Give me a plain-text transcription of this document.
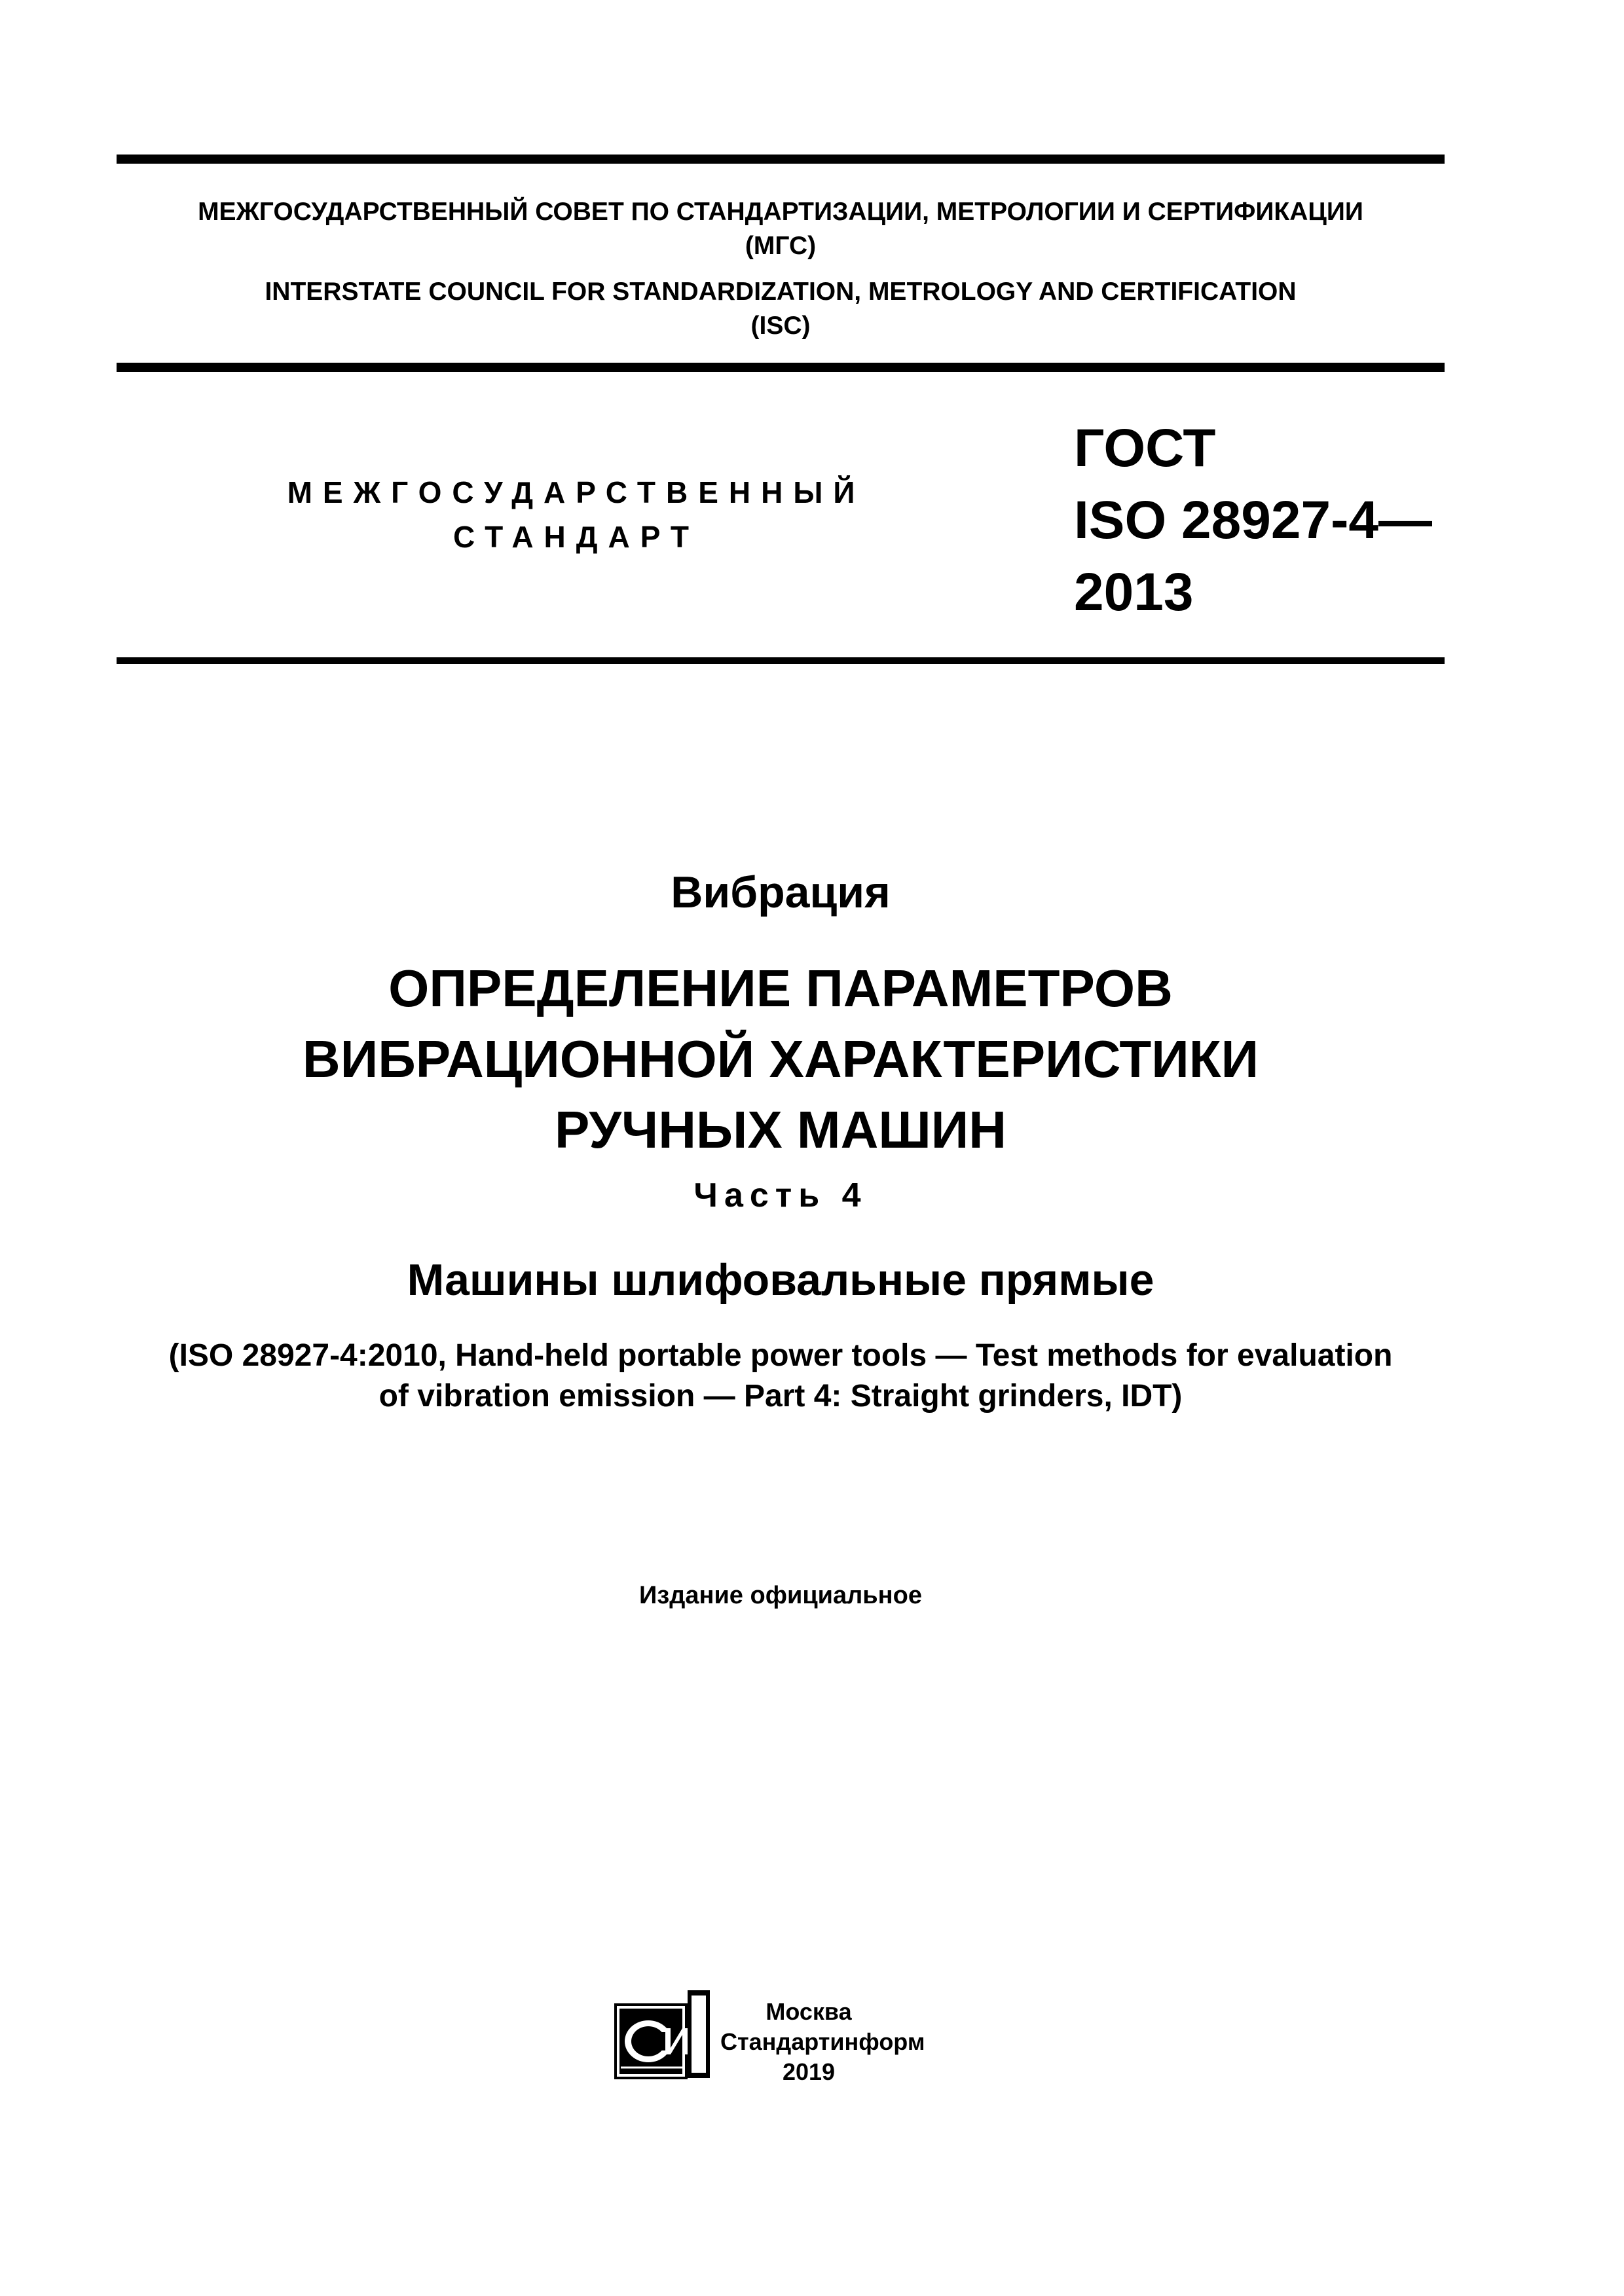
МЕЖГОСУДАРСТВЕННЫЙ СОВЕТ ПО СТАНДАРТИЗАЦИИ, МЕТРОЛОГИИ И СЕРТИФИКАЦИИ
(МГС)
INTERSTATE COUNCIL FOR STANDARDIZATION, METROLOGY AND CERTIFICATION
(ISC)
МЕЖГОСУДАРСТВЕННЫЙ
СТАНДАРТ
ГОСТ
ISO 28927-4—
2013
Вибрация
ОПРЕДЕЛЕНИЕ ПАРАМЕТРОВ
ВИБРАЦИОННОЙ ХАРАКТЕРИСТИКИ
РУЧНЫХ МАШИН
Часть 4
Машины шлифовальные прямые
(ISO 28927-4:2010, Hand-held portable power tools — Test methods for evaluation
of vibration emission — Part 4: Straight grinders, IDT)
Издание официальное
Москва
Стандартинформ
2019
